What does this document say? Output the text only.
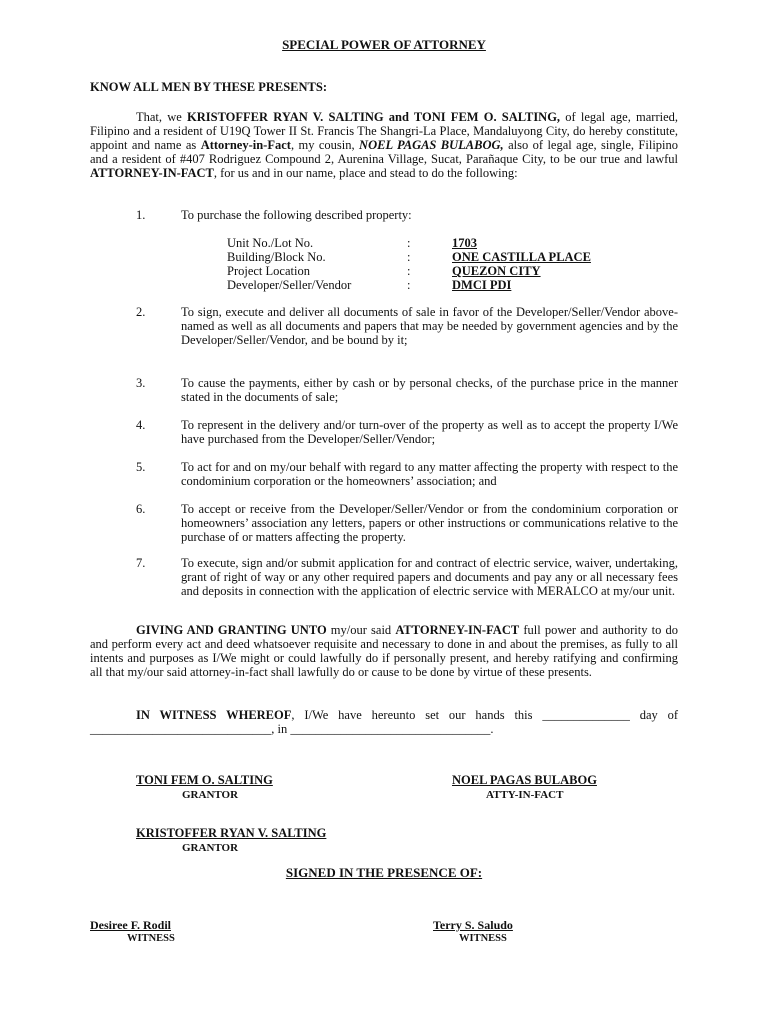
SPECIAL POWER OF ATTORNEY
KNOW ALL MEN BY THESE PRESENTS:

That, we KRISTOFFER RYAN V. SALTING and TONI FEM O. SALTING, of legal age, married, Filipino and a resident of U19Q Tower II St. Francis The Shangri-La Place, Mandaluyong City, do hereby constitute, appoint and name as Attorney-in-Fact, my cousin, NOEL PAGAS BULABOG, also of legal age, single, Filipino and a resident of #407 Rodriguez Compound 2, Aurenina Village, Sucat, Parañaque City, to be our true and lawful ATTORNEY-IN-FACT, for us and in our name, place and stead to do the following:

1.	To purchase the following described property:
Unit No./Lot No.	:	1703
Building/Block No.	:	ONE CASTILLA PLACE
Project Location	:	QUEZON CITY
Developer/Seller/Vendor	:	DMCI PDI
2.	To sign, execute and deliver all documents of sale in favor of the Developer/Seller/Vendor above-named as well as all documents and papers that may be needed by government agencies and by the Developer/Seller/Vendor, and be bound by it;
3.	To cause the payments, either by cash or by personal checks, of the purchase price in the manner stated in the documents of sale;
4.	To represent in the delivery and/or turn-over of the property as well as to accept the property I/We have purchased from the Developer/Seller/Vendor;
5.	To act for and on my/our behalf with regard to any matter affecting the property with respect to the condominium corporation or the homeowners’ association; and
6.	To accept or receive from the Developer/Seller/Vendor or from the condominium corporation or homeowners’ association any letters, papers or other instructions or communications relative to the purchase of or matters affecting the property.
7.	To execute, sign and/or submit application for and contract of electric service, waiver, undertaking, grant of right of way or any other required papers and documents and pay any or all necessary fees and deposits in connection with the application of electric service with MERALCO at my/our unit.

GIVING AND GRANTING UNTO my/our said ATTORNEY-IN-FACT full power and authority to do and perform every act and deed whatsoever requisite and necessary to done in and about the premises, as fully to all intents and purposes as I/We might or could lawfully do if personally present, and hereby ratifying and confirming all that my/our said attorney-in-fact shall lawfully do or cause to be done by virtue of these presents.

IN WITNESS WHEREOF, I/We have hereunto set our hands this ______________ day of _____________________________, in ________________________________.

TONI FEM O. SALTING
GRANTOR
NOEL PAGAS BULABOG
ATTY-IN-FACT
KRISTOFFER RYAN V. SALTING
GRANTOR
SIGNED IN THE PRESENCE OF:
Desiree F. Rodil
WITNESS
Terry S. Saludo
WITNESS
